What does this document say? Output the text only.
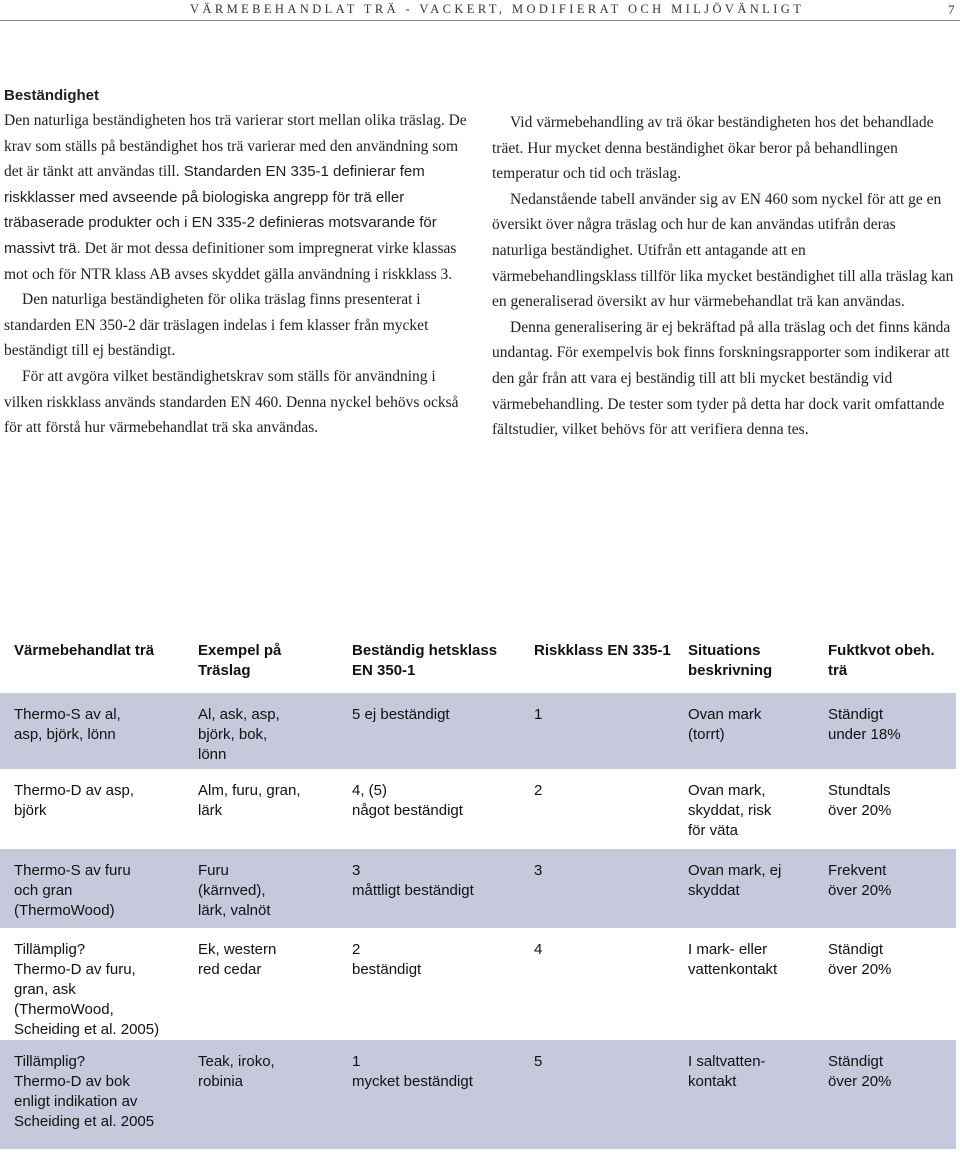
VÄRMEBEHANDLAT TRÄ - VACKERT, MODIFIERAT OCH MILJÖVÄNLIGT	7

Beständighet

Den naturliga beständigheten hos trä varierar stort mellan olika träslag. De krav som ställs på beständighet hos trä varierar med den användning som det är tänkt att användas till. Standarden EN 335-1 definierar fem riskklasser med avseende på biologiska angrepp för trä eller träbaserade produkter och i EN 335-2 definieras motsvarande för massivt trä. Det är mot dessa definitioner som impregnerat virke klassas mot och för NTR klass AB avses skyddet gälla användning i riskklass 3.

Den naturliga beständigheten för olika träslag finns presenterat i standarden EN 350-2 där träslagen indelas i fem klasser från mycket beständigt till ej beständigt.

För att avgöra vilket beständighetskrav som ställs för användning i vilken riskklass används standarden EN 460. Denna nyckel behövs också för att förstå hur värmebehandlat trä ska användas.

Vid värmebehandling av trä ökar beständigheten hos det behandlade träet. Hur mycket denna beständighet ökar beror på behandlingen temperatur och tid och träslag.

Nedanstående tabell använder sig av EN 460 som nyckel för att ge en översikt över några träslag och hur de kan användas utifrån deras naturliga beständighet. Utifrån ett antagande att en värmebehandlingsklass tillför lika mycket beständighet till alla träslag kan en generaliserad översikt av hur värmebehandlat trä kan användas.

Denna generalisering är ej bekräftad på alla träslag och det finns kända undantag. För exempelvis bok finns forskningsrapporter som indikerar att den går från att vara ej beständig till att bli mycket beständig vid värmebehandling. De tester som tyder på detta har dock varit omfattande fältstudier, vilket behövs för att verifiera denna tes.

Värmebehandlat trä	Exempel på Träslag	Beständig hetsklass EN 350-1	Riskklass EN 335-1	Situations beskrivning	Fuktkvot obeh. trä

Thermo-S av al,
asp, björk, lönn	Al, ask, asp,
björk, bok,
lönn	5 ej beständigt	1	Ovan mark
(torrt)	Ständigt
under 18%

Thermo-D av asp,
björk	Alm, furu, gran,
lärk	4, (5)
något beständigt	2	Ovan mark,
skyddat, risk
för väta	Stundtals
över 20%

Thermo-S av furu
och gran
(ThermoWood)	Furu
(kärnved),
lärk, valnöt	3
måttligt beständigt	3	Ovan mark, ej
skyddat	Frekvent
över 20%

Tillämplig?
Thermo-D av furu,
gran, ask
(ThermoWood,
Scheiding et al. 2005)	Ek, western
red cedar	2
beständigt	4	I mark- eller
vattenkontakt	Ständigt
över 20%

Tillämplig?
Thermo-D av bok
enligt indikation av
Scheiding et al. 2005	Teak, iroko,
robinia	1
mycket beständigt	5	I saltvatten-
kontakt	Ständigt
över 20%
